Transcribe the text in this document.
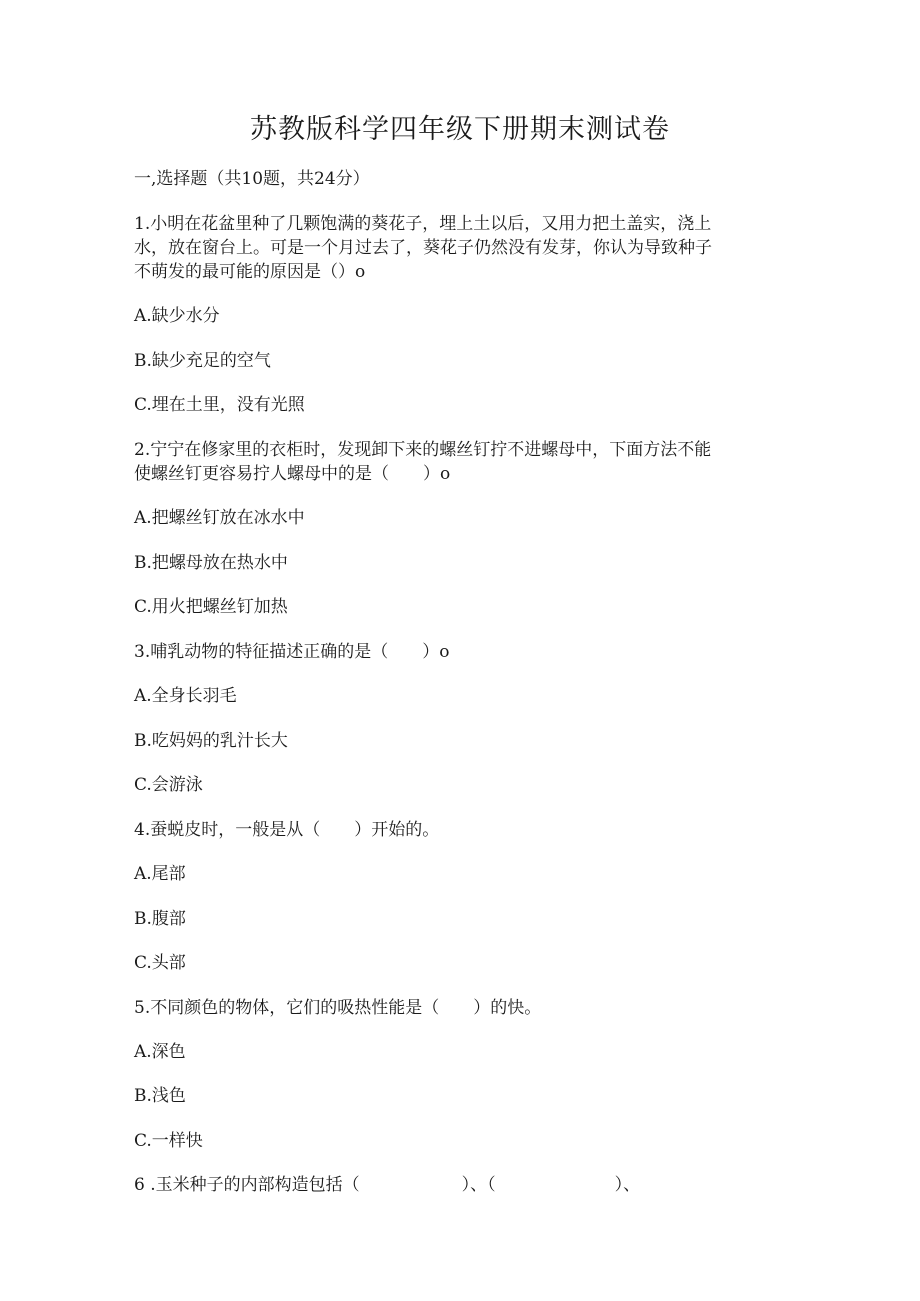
苏教版科学四年级下册期末测试卷

一,选择题（共10题，共24分）

1.小明在花盆里种了几颗饱满的葵花子，埋上土以后，又用力把土盖实，浇上

水，放在窗台上。可是一个月过去了，葵花子仍然没有发芽，你认为导致种子

不萌发的最可能的原因是（）o

A.缺少水分

B.缺少充足的空气

C.埋在土里，没有光照

2.宁宁在修家里的衣柜时，发现卸下来的螺丝钉拧不进螺母中，下面方法不能

使螺丝钉更容易拧人螺母中的是（　　）o

A.把螺丝钉放在冰水中

B.把螺母放在热水中

C.用火把螺丝钉加热

3.哺乳动物的特征描述正确的是（　　）o

A.全身长羽毛

B.吃妈妈的乳汁长大

C.会游泳

4.蚕蜕皮时，一般是从（　　）开始的。

A.尾部

B.腹部

C.头部

5.不同颜色的物体，它们的吸热性能是（　　）的快。

A.深色

B.浅色

C.一样快

6 .玉米种子的内部构造包括（　　　　　　）、（　　　　　　　）、
